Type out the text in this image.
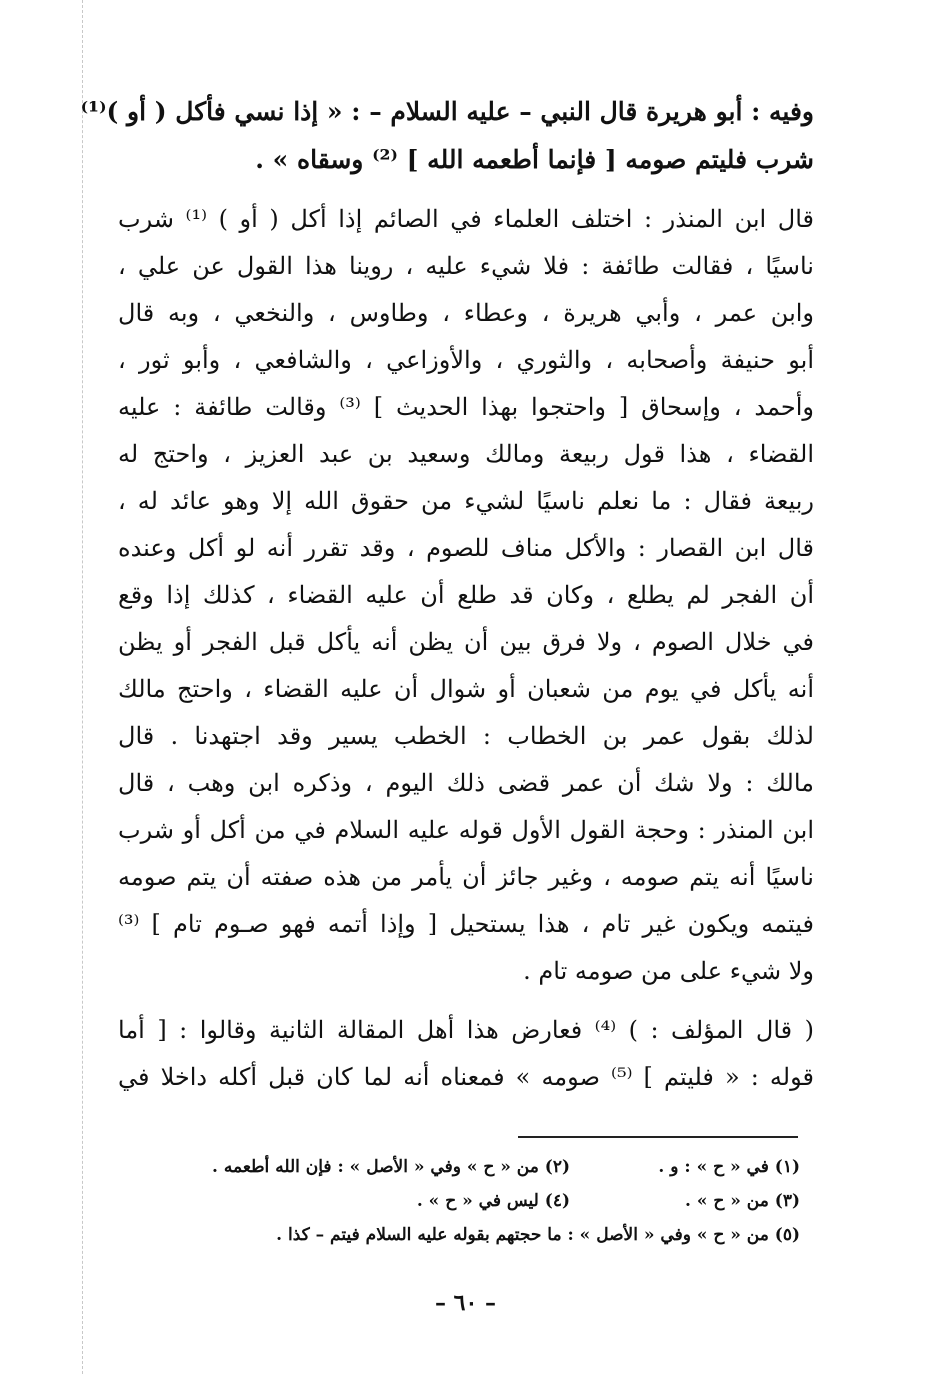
وفيه : أبو هريرة قال النبي – عليه السلام – : « إذا نسي فأكل ( أو )⁽¹⁾
شرب فليتم صومه [ فإنما أطعمه الله ] ⁽²⁾ وسقاه » .
قال ابن المنذر : اختلف العلماء في الصائم إذا أكل ( أو ) ⁽¹⁾ شرب
ناسيًا ، فقالت طائفة : فلا شيء عليه ، روينا هذا القول عن علي ،
وابن عمر ، وأبي هريرة ، وعطاء ، وطاوس ، والنخعي ، وبه قال
أبو حنيفة وأصحابه ، والثوري ، والأوزاعي ، والشافعي ، وأبو ثور ،
وأحمد ، وإسحاق [ واحتجوا بهذا الحديث ] ⁽³⁾ وقالت طائفة : عليه
القضاء ، هذا قول ربيعة ومالك وسعيد بن عبد العزيز ، واحتج له
ربيعة فقال : ما نعلم ناسيًا لشيء من حقوق الله إلا وهو عائد له ،
قال ابن القصار : والأكل مناف للصوم ، وقد تقرر أنه لو أكل وعنده
أن الفجر لم يطلع ، وكان قد طلع أن عليه القضاء ، كذلك إذا وقع
في خلال الصوم ، ولا فرق بين أن يظن أنه يأكل قبل الفجر أو يظن
أنه يأكل في يوم من شعبان أو شوال أن عليه القضاء ، واحتج مالك
لذلك بقول عمر بن الخطاب : الخطب يسير وقد اجتهدنا . قال
مالك : ولا شك أن عمر قضى ذلك اليوم ، وذكره ابن وهب ، قال
ابن المنذر : وحجة القول الأول قوله عليه السلام في من أكل أو شرب
ناسيًا أنه يتم صومه ، وغير جائز أن يأمر من هذه صفته أن يتم صومه
فيتمه ويكون غير تام ، هذا يستحيل [ وإذا أتمه فهو صـوم تام ] ⁽³⁾
ولا شيء على من صومه تام .
( قال المؤلف : ) ⁽⁴⁾ فعارض هذا أهل المقالة الثانية وقالوا : [ أما
قوله : « فليتم ] ⁽⁵⁾ صومه » فمعناه أنه لما كان قبل أكله داخلا في
(١) في « ح » : و .
(٢) من « ح » وفي « الأصل » : فإن الله أطعمه .
(٣) من « ح » .
(٤) ليس في « ح » .
(٥) من « ح » وفي « الأصل » : ما حجتهم بقوله عليه السلام فيتم – كذا .
– ٦٠ –
